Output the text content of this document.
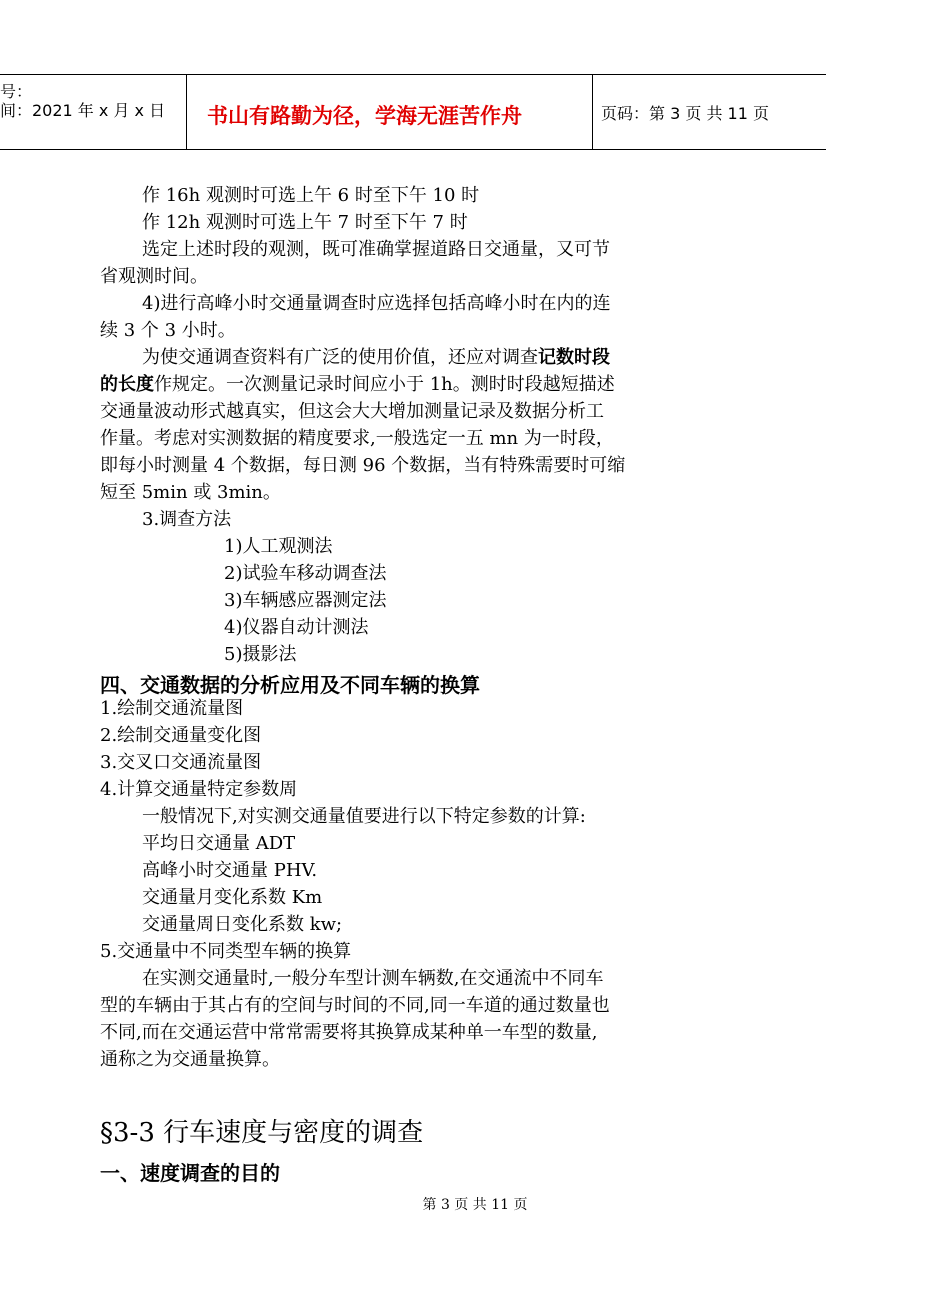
号：
间：2021 年 x 月 x 日 书山有路勤为径，学海无涯苦作舟	页码：第 3 页 共 11 页
作 16h 观测时可选上午 6 时至下午 10 时
作 12h 观测时可选上午 7 时至下午 7 时
选定上述时段的观测，既可准确掌握道路日交通量，又可节
省观测时间。
4)进行高峰小时交通量调查时应选择包括高峰小时在内的连
续 3 个 3 小时。
为使交通调查资料有广泛的使用价值，还应对调查记数时段
的长度作规定。一次测量记录时间应小于 1h。测时时段越短描述
交通量波动形式越真实，但这会大大增加测量记录及数据分析工
作量。考虑对实测数据的精度要求,一般选定一五 mn 为一时段，
即每小时测量 4 个数据，每日测 96 个数据，当有特殊需要时可缩
短至 5min 或 3min。
3.调查方法
1)人工观测法
2)试验车移动调查法
3)车辆感应器测定法
4)仪器自动计测法
5)摄影法
四、交通数据的分析应用及不同车辆的换算
1.绘制交通流量图
2.绘制交通量变化图
3.交叉口交通流量图
4.计算交通量特定参数周
一般情况下,对实测交通量值要进行以下特定参数的计算:
平均日交通量 ADT
高峰小时交通量 PHV.
交通量月变化系数 Km
交通量周日变化系数 kw;
5.交通量中不同类型车辆的换算
在实测交通量时,一般分车型计测车辆数,在交通流中不同车
型的车辆由于其占有的空间与时间的不同,同一车道的通过数量也
不同,而在交通运营中常常需要将其换算成某种单一车型的数量,
通称之为交通量换算。
§3-3 行车速度与密度的调查
一、速度调查的目的
第 3 页 共 11 页
